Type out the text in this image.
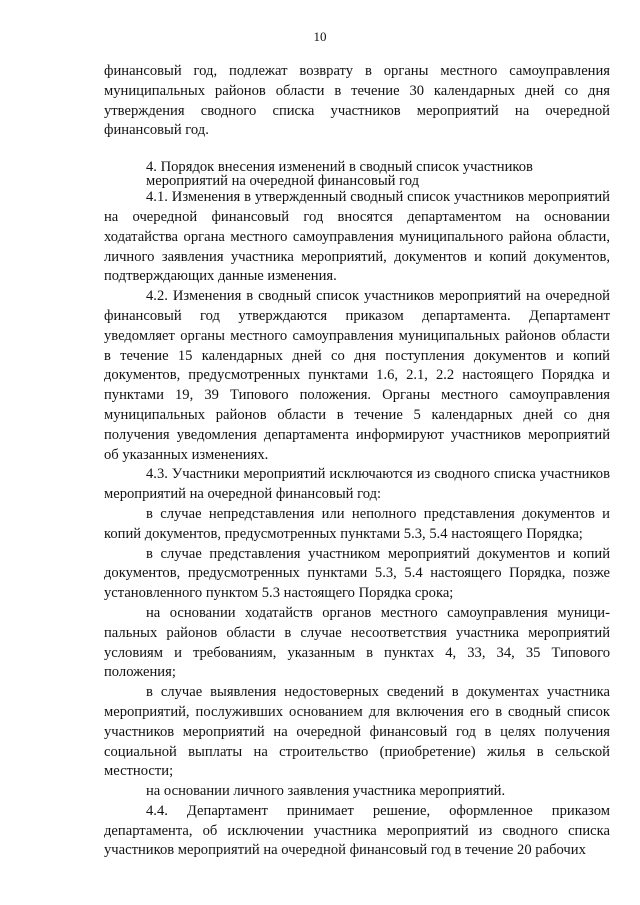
10

финансовый год, подлежат возврату в органы местного самоуправления муниципальных районов области в течение 30 календарных дней со дня утверждения сводного списка участников мероприятий на очередной финансовый год.

4. Порядок внесения изменений в сводный список участников
мероприятий на очередной финансовый год

4.1. Изменения в утвержденный сводный список участников мероприятий на очередной финансовый год вносятся департаментом на основании ходатайства органа местного самоуправления муниципального района области, личного заявления участника мероприятий, документов и копий документов, подтверждающих данные изменения.

4.2. Изменения в сводный список участников мероприятий на очередной финансовый год утверждаются приказом департамента. Департамент уведомляет органы местного самоуправления муниципальных районов области в течение 15 календарных дней со дня поступления документов и копий документов, предусмотренных пунктами 1.6, 2.1, 2.2 настоящего Порядка и пунктами 19, 39 Типового положения. Органы местного самоуправления муниципальных районов области в течение 5 календарных дней со дня получения уведомления департамента информируют участников мероприятий об указанных изменениях.

4.3. Участники мероприятий исключаются из сводного списка участников мероприятий на очередной финансовый год:

в случае непредставления или неполного представления документов и копий документов, предусмотренных пунктами 5.3, 5.4 настоящего Порядка;

в случае представления участником мероприятий документов и копий документов, предусмотренных пунктами 5.3, 5.4 настоящего Порядка, позже установленного пунктом 5.3 настоящего Порядка срока;

на основании ходатайств органов местного самоуправления муниципальных районов области в случае несоответствия участника мероприятий условиям и требованиям, указанным в пунктах 4, 33, 34, 35 Типового положения;

в случае выявления недостоверных сведений в документах участника мероприятий, послуживших основанием для включения его в сводный список участников мероприятий на очередной финансовый год в целях получения социальной выплаты на строительство (приобретение) жилья в сельской местности;

на основании личного заявления участника мероприятий.

4.4. Департамент принимает решение, оформленное приказом департамента, об исключении участника мероприятий из сводного списка участников мероприятий на очередной финансовый год в течение 20 рабочих
